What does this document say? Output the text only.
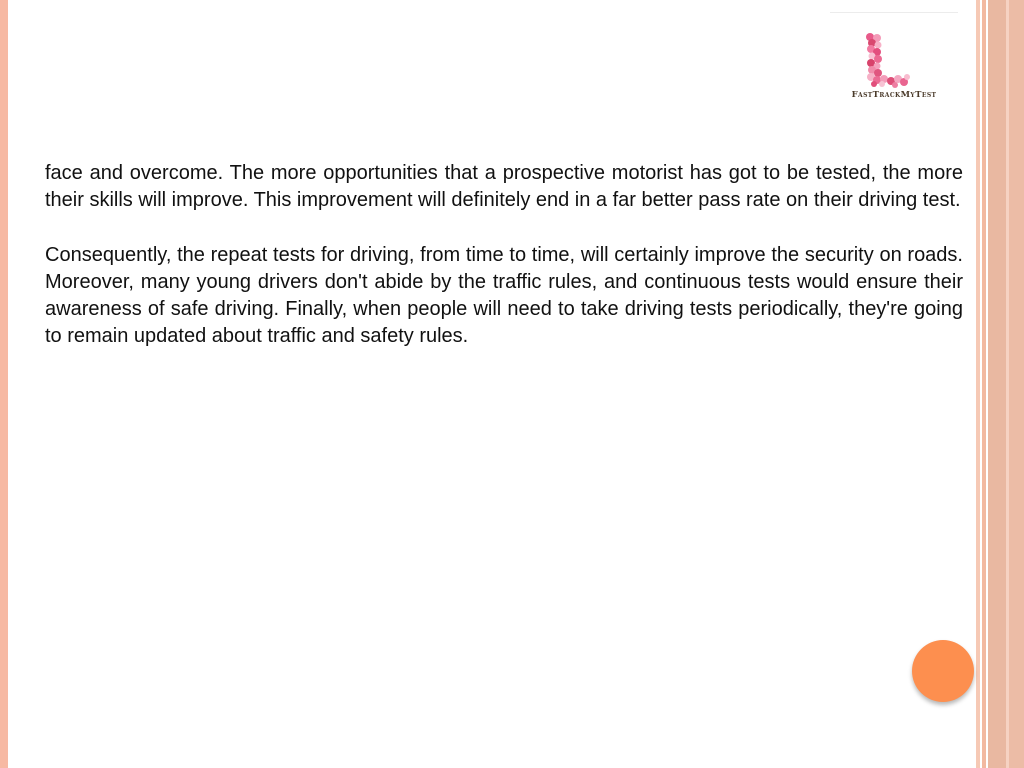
FastTrackMyTest

face and overcome. The more opportunities that a prospective motorist has got to be tested, the more their skills will improve. This improvement will definitely end in a far better pass rate on their driving test.

Consequently, the repeat tests for driving, from time to time, will certainly improve the security on roads. Moreover, many young drivers don't abide by the traffic rules, and continuous tests would ensure their awareness of safe driving. Finally, when people will need to take driving tests periodically, they're going to remain updated about traffic and safety rules.
